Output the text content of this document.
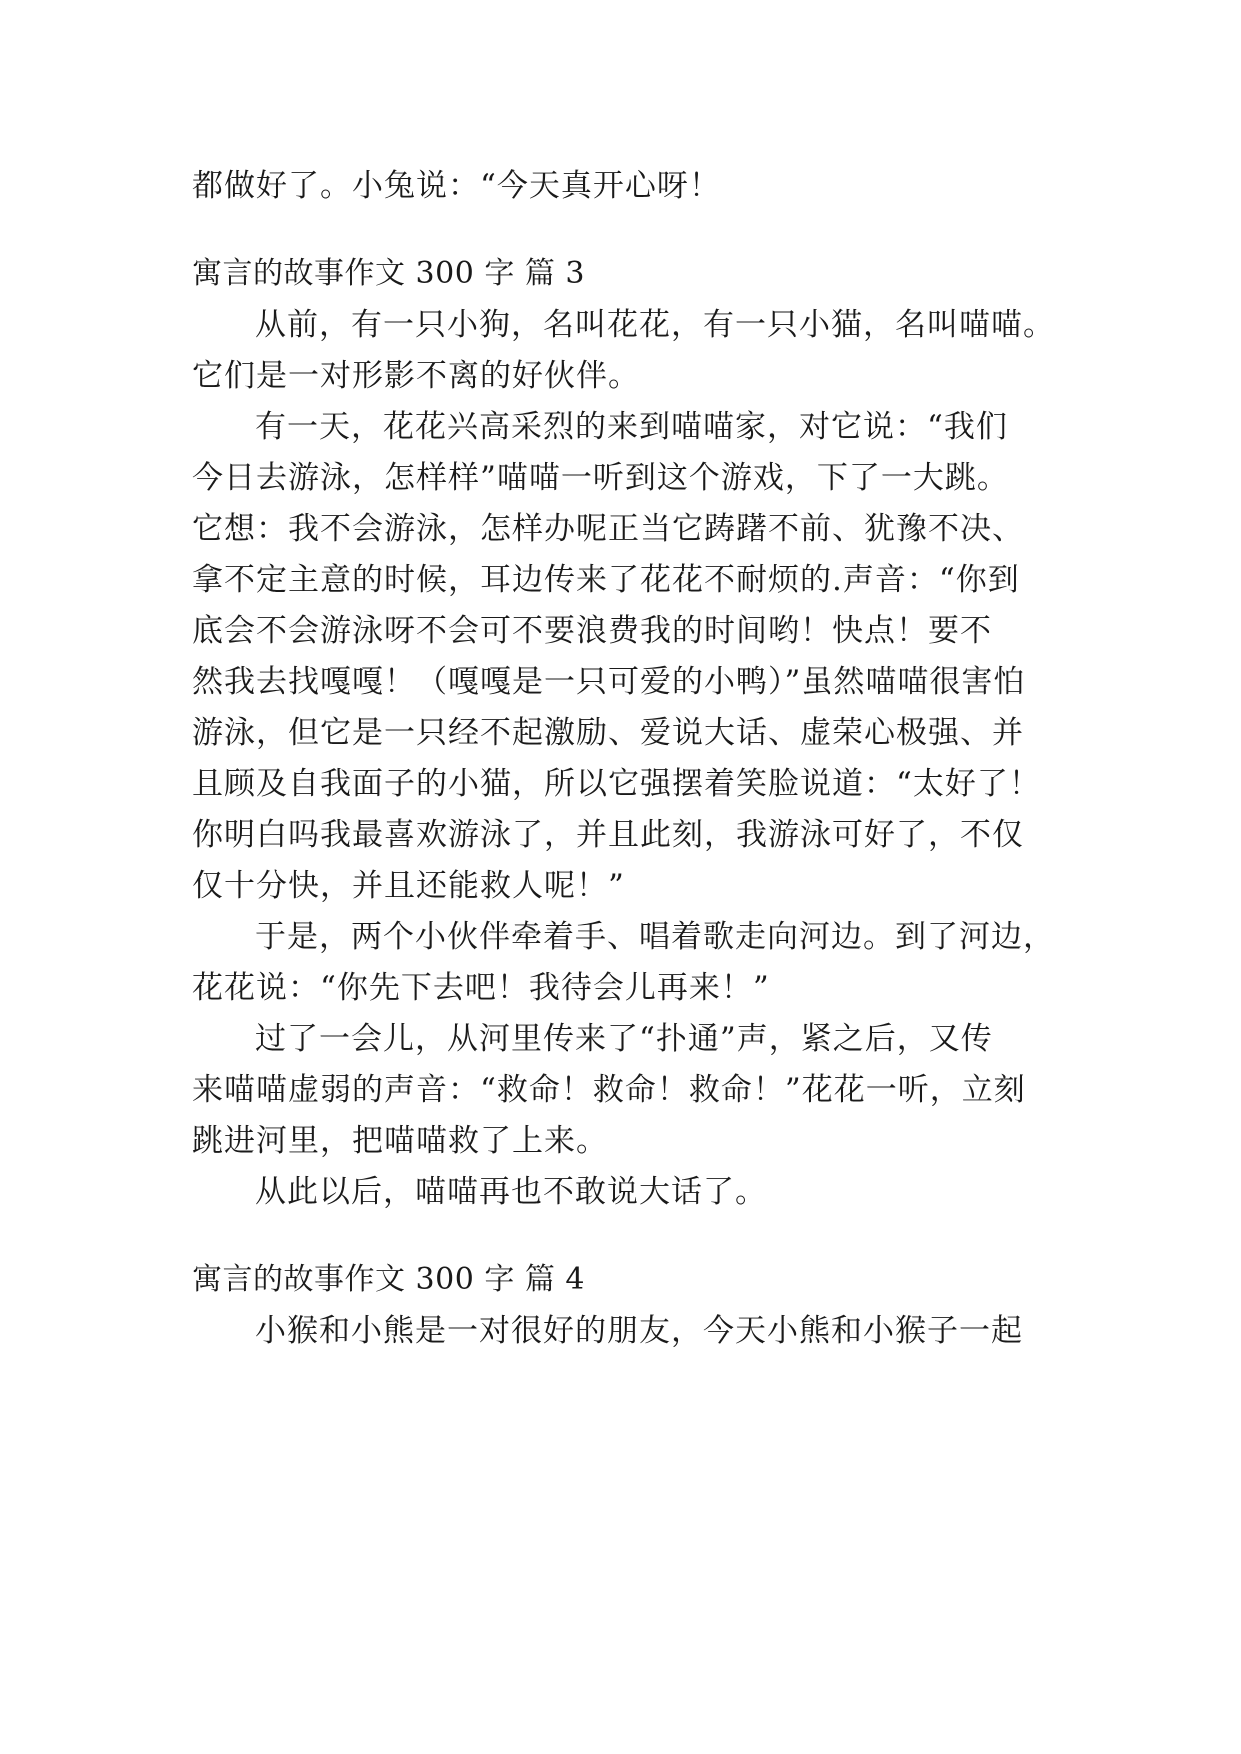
都做好了。小兔说：“今天真开心呀！
寓言的故事作文 300 字 篇 3
从前，有一只小狗，名叫花花，有一只小猫，名叫喵喵。
它们是一对形影不离的好伙伴。
有一天，花花兴高采烈的来到喵喵家，对它说：“我们
今日去游泳，怎样样”喵喵一听到这个游戏，下了一大跳。
它想：我不会游泳，怎样办呢正当它踌躇不前、犹豫不决、
拿不定主意的时候，耳边传来了花花不耐烦的.声音：“你到
底会不会游泳呀不会可不要浪费我的时间哟！快点！要不
然我去找嘎嘎！（嘎嘎是一只可爱的小鸭）”虽然喵喵很害怕
游泳，但它是一只经不起激励、爱说大话、虚荣心极强、并
且顾及自我面子的小猫，所以它强摆着笑脸说道：“太好了！
你明白吗我最喜欢游泳了，并且此刻，我游泳可好了，不仅
仅十分快，并且还能救人呢！”
于是，两个小伙伴牵着手、唱着歌走向河边。到了河边，
花花说：“你先下去吧！我待会儿再来！”
过了一会儿，从河里传来了“扑通”声，紧之后，又传
来喵喵虚弱的声音：“救命！救命！救命！”花花一听，立刻
跳进河里，把喵喵救了上来。
从此以后，喵喵再也不敢说大话了。
寓言的故事作文 300 字 篇 4
小猴和小熊是一对很好的朋友，今天小熊和小猴子一起
